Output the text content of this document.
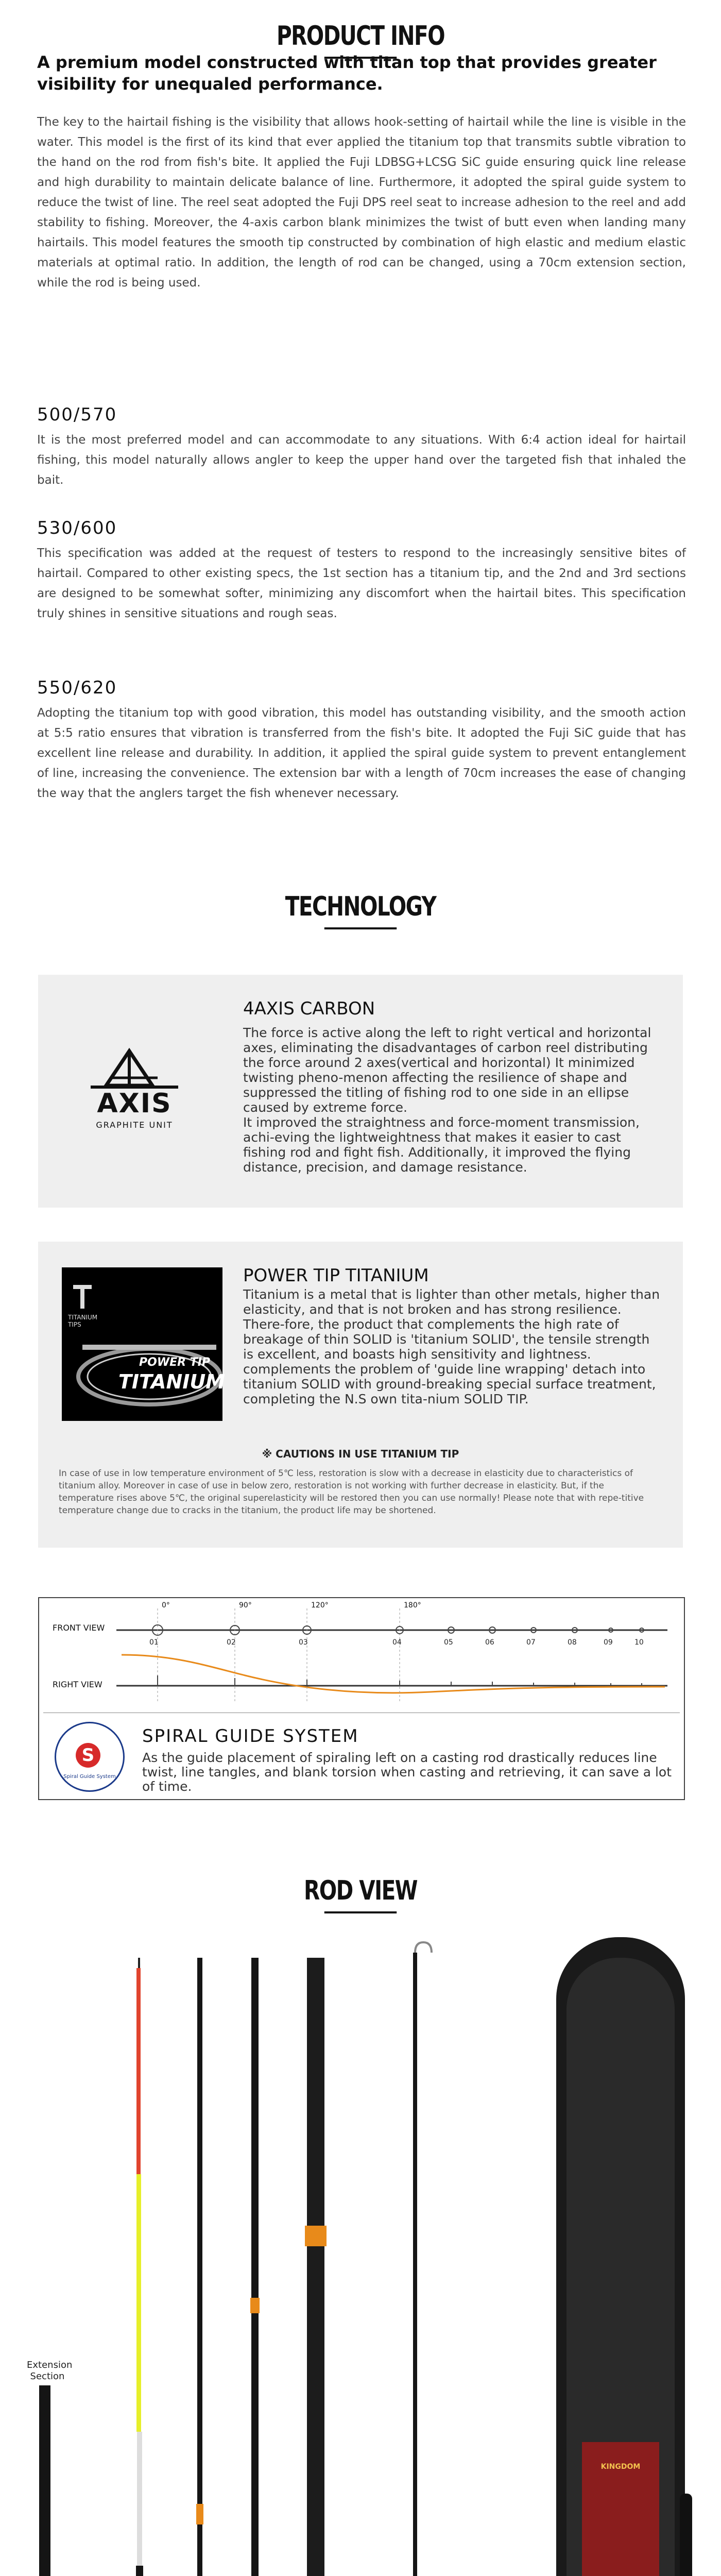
PRODUCT INFO
A premium model constructed with titan top that provides greater visibility for unequaled performance.

The key to the hairtail fishing is the visibility that allows hook-setting of hairtail while the line is visible in the water. This model is the first of its kind that ever applied the titanium top that transmits subtle vibration to the hand on the rod from fish's bite. It applied the Fuji LDBSG+LCSG SiC guide ensuring quick line release and high durability to maintain delicate balance of line. Furthermore, it adopted the spiral guide system to reduce the twist of line. The reel seat adopted the Fuji DPS reel seat to increase adhesion to the reel and add stability to fishing. Moreover, the 4-axis carbon blank minimizes the twist of butt even when landing many hairtails. This model features the smooth tip constructed by combination of high elastic and medium elastic materials at optimal ratio. In addition, the length of rod can be changed, using a 70cm extension section, while the rod is being used.

500/570

It is the most preferred model and can accommodate to any situations. With 6:4 action ideal for hairtail fishing, this model naturally allows angler to keep the upper hand over the targeted fish that inhaled the bait.

530/600

This specification was added at the request of testers to respond to the increasingly sensitive bites of hairtail. Compared to other existing specs, the 1st section has a titanium tip, and the 2nd and 3rd sections are designed to be somewhat softer, minimizing any discomfort when the hairtail bites. This specification truly shines in sensitive situations and rough seas.

550/620

Adopting the titanium top with good vibration, this model has outstanding visibility, and the smooth action at 5:5 ratio ensures that vibration is transferred from the fish's bite. It adopted the Fuji SiC guide that has excellent line release and durability. In addition, it applied the spiral guide system to prevent entanglement of line, increasing the convenience. The extension bar with a length of 70cm increases the ease of changing the way that the anglers target the fish whenever necessary.

TECHNOLOGY
AXIS
GRAPHITE UNIT
4AXIS CARBON

The force is active along the left to right vertical and horizontal axes, eliminating the disadvantages of carbon reel distributing the force around 2 axes(vertical and horizontal) It minimized twisting pheno-menon affecting the resilience of shape and suppressed the titling of fishing rod to one side in an ellipse caused by extreme force.
It improved the straightness and force-moment transmission, achi-eving the lightweightness that makes it easier to cast fishing rod and fight fish. Additionally, it improved the flying distance, precision, and damage resistance.

TITANIUM TIPS
POWER TIP
TITANIUM
POWER TIP TITANIUM

Titanium is a metal that is lighter than other metals, higher than elasticity, and that is not broken and has strong resilience. There-fore, the product that complements the high rate of breakage of thin SOLID is 'titanium SOLID', the tensile strength is excellent, and boasts high sensitivity and lightness. complements the problem of 'guide line wrapping' detach into titanium SOLID with ground-breaking special surface treatment, completing the N.S own tita-nium SOLID TIP.

※ CAUTIONS IN USE TITANIUM TIP

In case of use in low temperature environment of 5℃ less, restoration is slow with a decrease in elasticity due to characteristics of titanium alloy. Moreover in case of use in below zero, restoration is not working with further decrease in elasticity. But, if the temperature rises above 5℃, the original superelasticity will be restored then you can use normally! Please note that with repe-titive temperature change due to cracks in the titanium, the product life may be shortened.

FRONT VIEW
RIGHT VIEW
0°	90°	120°	180°
01	02	03	04	05	06	07	08	09	10
S
Spiral Guide System
SPIRAL GUIDE SYSTEM

As the guide placement of spiraling left on a casting rod drastically reduces line twist, line tangles, and blank torsion when casting and retrieving, it can save a lot of time.

ROD VIEW
Extension Section
KINGDOM
